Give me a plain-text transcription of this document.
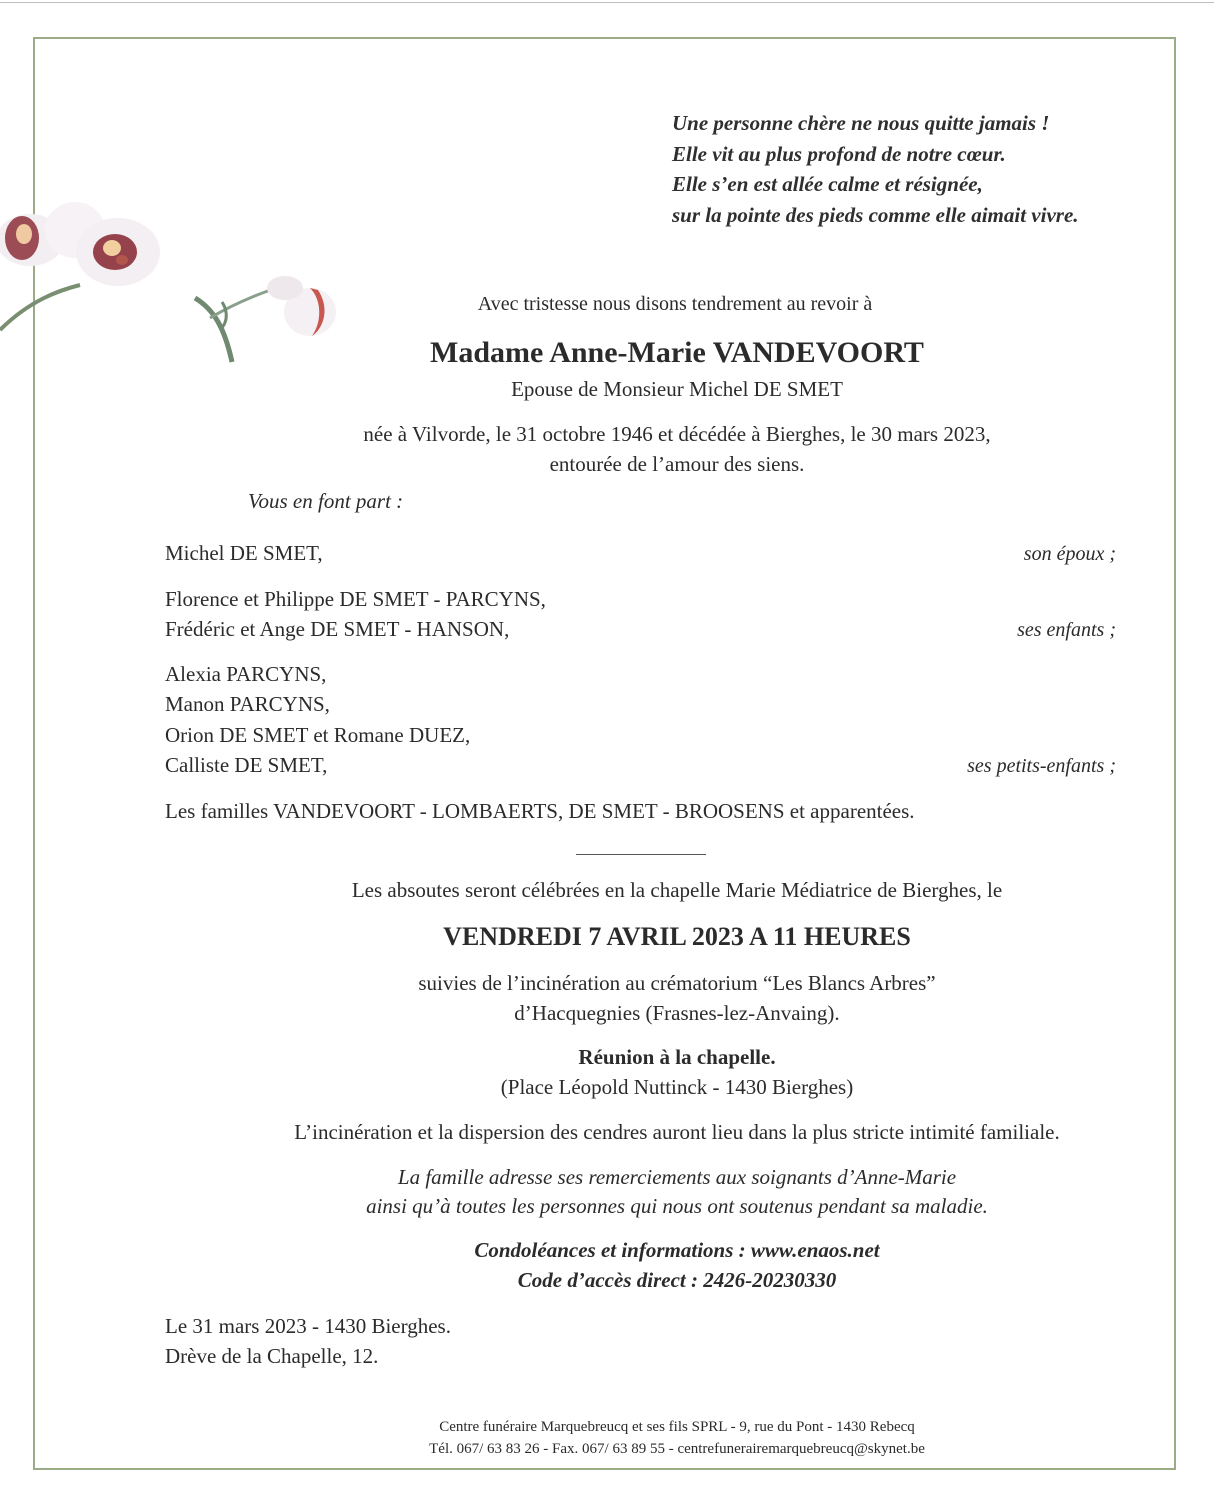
Une personne chère ne nous quitte jamais !
Elle vit au plus profond de notre cœur.
Elle s’en est allée calme et résignée,
sur la pointe des pieds comme elle aimait vivre.
Avec tristesse nous disons tendrement au revoir à
Madame Anne-Marie VANDEVOORT
Epouse de Monsieur Michel DE SMET
née à Vilvorde, le 31 octobre 1946 et décédée à Bierghes, le 30 mars 2023,
entourée de l’amour des siens.
Vous en font part :
Michel DE SMET,	son époux ;
Florence et Philippe DE SMET - PARCYNS,
Frédéric et Ange DE SMET - HANSON,	ses enfants ;
Alexia PARCYNS,
Manon PARCYNS,
Orion DE SMET et Romane DUEZ,
Calliste DE SMET,	ses petits-enfants ;
Les familles VANDEVOORT - LOMBAERTS, DE SMET - BROOSENS et apparentées.
Les absoutes seront célébrées en la chapelle Marie Médiatrice de Bierghes, le
VENDREDI 7 AVRIL 2023 A 11 HEURES
suivies de l’incinération au crématorium “Les Blancs Arbres”
d’Hacquegnies (Frasnes-lez-Anvaing).
Réunion à la chapelle.
(Place Léopold Nuttinck - 1430 Bierghes)
L’incinération et la dispersion des cendres auront lieu dans la plus stricte intimité familiale.
La famille adresse ses remerciements aux soignants d’Anne-Marie
ainsi qu’à toutes les personnes qui nous ont soutenus pendant sa maladie.
Condoléances et informations : www.enaos.net
Code d’accès direct : 2426-20230330
Le 31 mars 2023 - 1430 Bierghes.
Drève de la Chapelle, 12.
Centre funéraire Marquebreucq et ses fils SPRL - 9, rue du Pont - 1430 Rebecq
Tél. 067/ 63 83 26 - Fax. 067/ 63 89 55 - centrefunerairemarquebreucq@skynet.be
